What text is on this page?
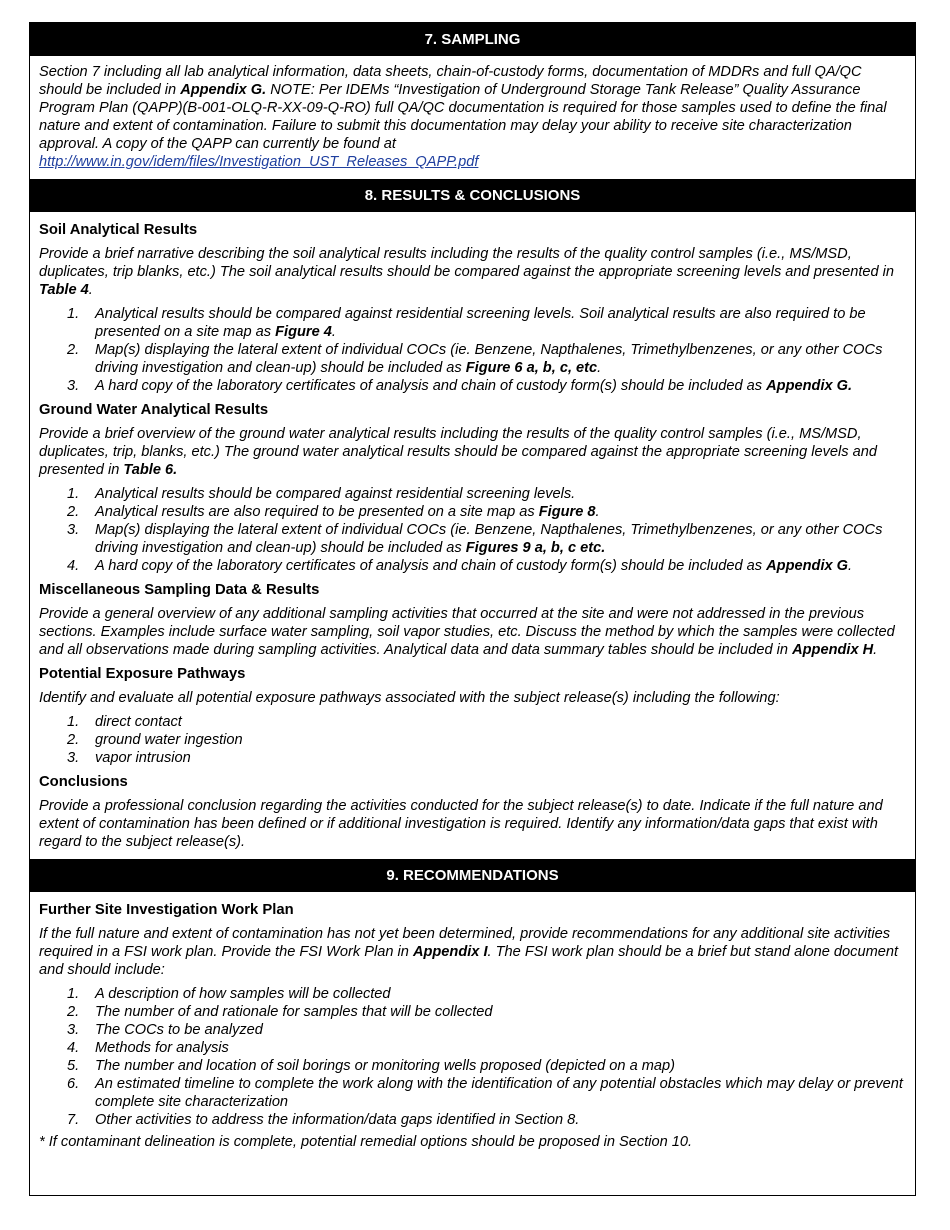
7. SAMPLING

Section 7 including all lab analytical information, data sheets, chain-of-custody forms, documentation of MDDRs and full QA/QC should be included in Appendix G. NOTE: Per IDEMs “Investigation of Underground Storage Tank Release” Quality Assurance Program Plan (QAPP)(B-001-OLQ-R-XX-09-Q-RO) full QA/QC documentation is required for those samples used to define the final nature and extent of contamination. Failure to submit this documentation may delay your ability to receive site characterization approval. A copy of the QAPP can currently be found at
http://www.in.gov/idem/files/Investigation_UST_Releases_QAPP.pdf

8. RESULTS & CONCLUSIONS
Soil Analytical Results

Provide a brief narrative describing the soil analytical results including the results of the quality control samples (i.e., MS/MSD, duplicates, trip blanks, etc.) The soil analytical results should be compared against the appropriate screening levels and presented in Table 4.

1. Analytical results should be compared against residential screening levels. Soil analytical results are also required to be presented on a site map as Figure 4.
2. Map(s) displaying the lateral extent of individual COCs (ie. Benzene, Napthalenes, Trimethylbenzenes, or any other COCs driving investigation and clean-up) should be included as Figure 6 a, b, c, etc.
3. A hard copy of the laboratory certificates of analysis and chain of custody form(s) should be included as Appendix G.
Ground Water Analytical Results

Provide a brief overview of the ground water analytical results including the results of the quality control samples (i.e., MS/MSD, duplicates, trip, blanks, etc.) The ground water analytical results should be compared against the appropriate screening levels and presented in Table 6.

1. Analytical results should be compared against residential screening levels.
2. Analytical results are also required to be presented on a site map as Figure 8.
3. Map(s) displaying the lateral extent of individual COCs (ie. Benzene, Napthalenes, Trimethylbenzenes, or any other COCs driving investigation and clean-up) should be included as Figures 9 a, b, c etc.
4. A hard copy of the laboratory certificates of analysis and chain of custody form(s) should be included as Appendix G.
Miscellaneous Sampling Data & Results

Provide a general overview of any additional sampling activities that occurred at the site and were not addressed in the previous sections. Examples include surface water sampling, soil vapor studies, etc. Discuss the method by which the samples were collected and all observations made during sampling activities. Analytical data and data summary tables should be included in Appendix H.

Potential Exposure Pathways

Identify and evaluate all potential exposure pathways associated with the subject release(s) including the following:

1. direct contact
2. ground water ingestion
3. vapor intrusion
Conclusions

Provide a professional conclusion regarding the activities conducted for the subject release(s) to date. Indicate if the full nature and extent of contamination has been defined or if additional investigation is required. Identify any information/data gaps that exist with regard to the subject release(s).

9. RECOMMENDATIONS
Further Site Investigation Work Plan

If the full nature and extent of contamination has not yet been determined, provide recommendations for any additional site activities required in a FSI work plan. Provide the FSI Work Plan in Appendix I. The FSI work plan should be a brief but stand alone document and should include:

1. A description of how samples will be collected
2. The number of and rationale for samples that will be collected
3. The COCs to be analyzed
4. Methods for analysis
5. The number and location of soil borings or monitoring wells proposed (depicted on a map)
6. An estimated timeline to complete the work along with the identification of any potential obstacles which may delay or prevent complete site characterization
7. Other activities to address the information/data gaps identified in Section 8.

* If contaminant delineation is complete, potential remedial options should be proposed in Section 10.
